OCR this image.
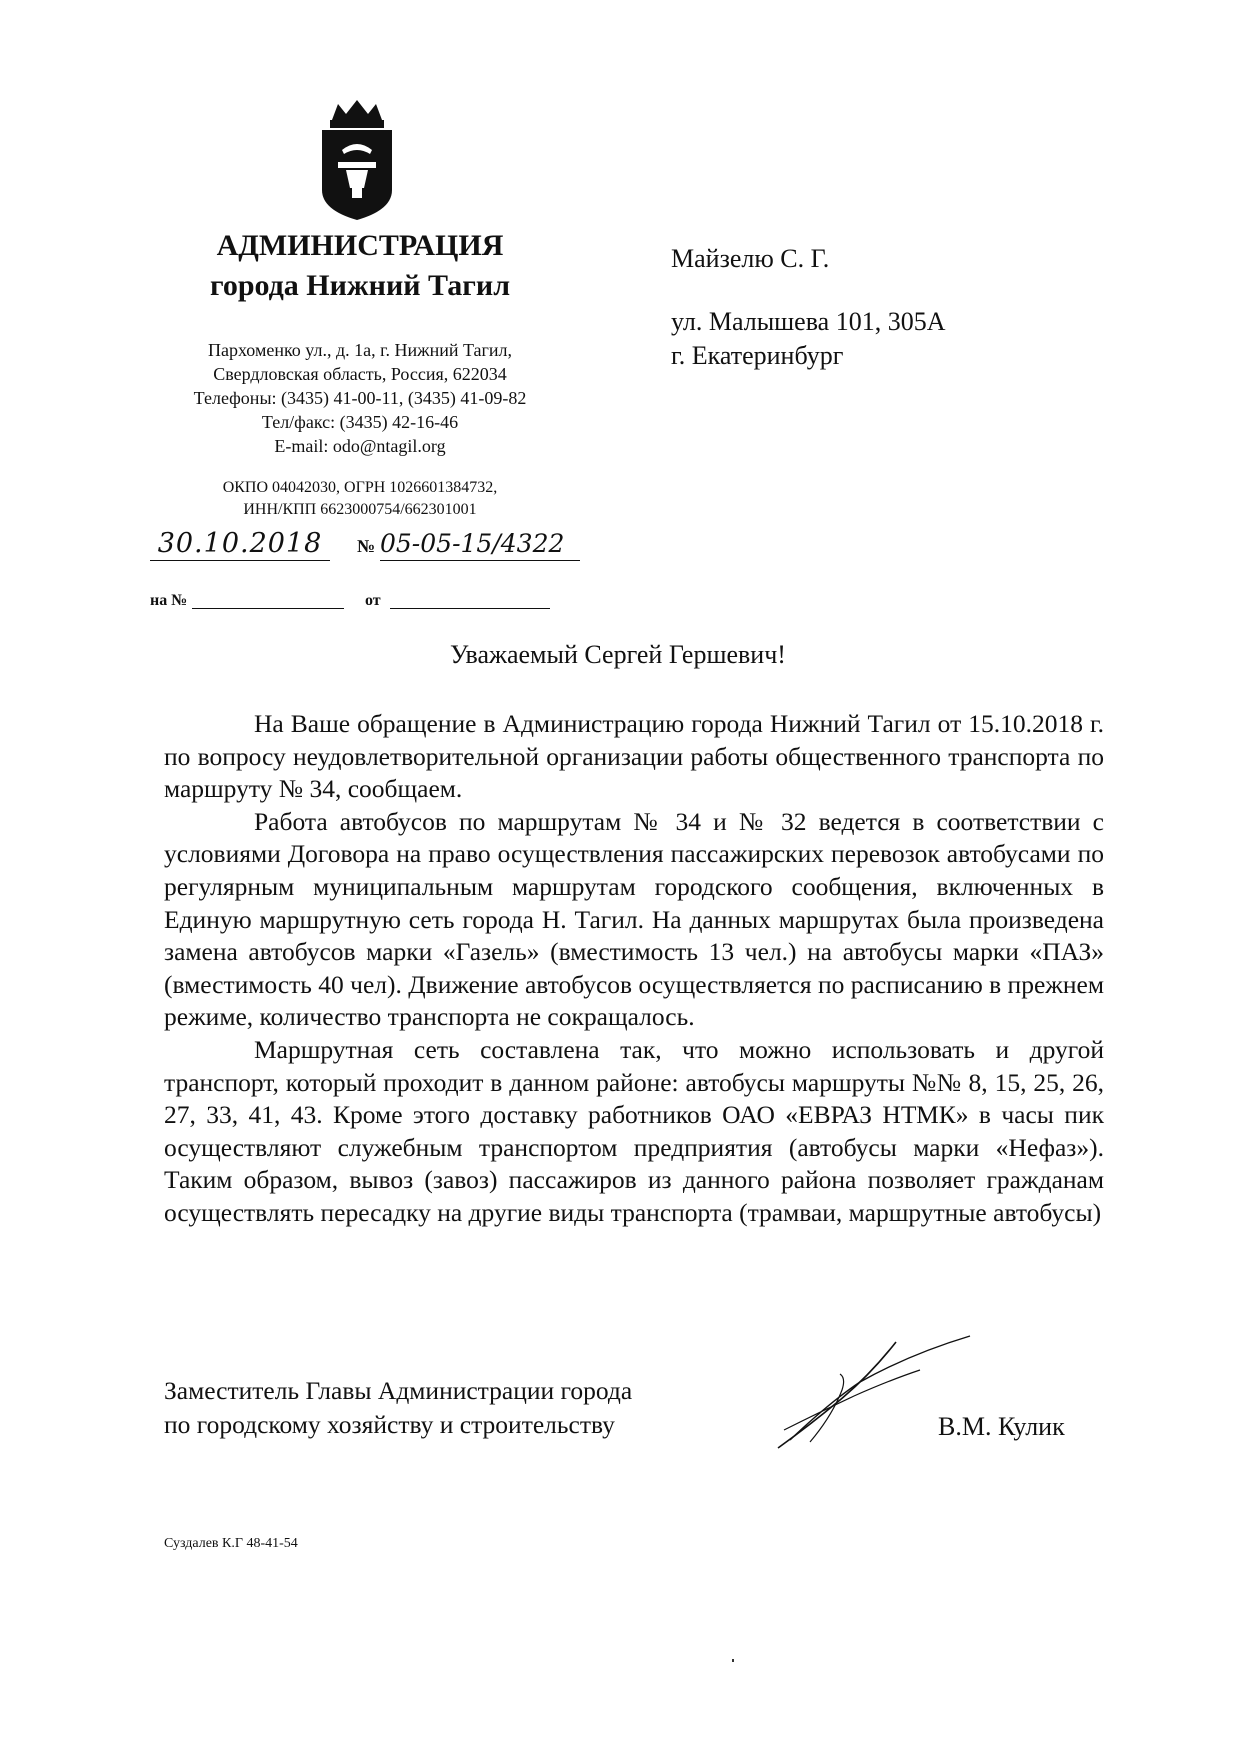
АДМИНИСТРАЦИЯ
города Нижний Тагил
Пархоменко ул., д. 1а, г. Нижний Тагил,
Свердловская область, Россия, 622034
Телефоны: (3435) 41-00-11, (3435) 41-09-82
Тел/факс: (3435) 42-16-46
E-mail: odo@ntagil.org
ОКПО 04042030, ОГРН 1026601384732,
ИНН/КПП 6623000754/662301001
30.10.2018	№ 05-05-15/4322
на №	от
Майзелю С. Г.
ул. Малышева 101, 305А
г. Екатеринбург
Уважаемый Сергей Гершевич!

На Ваше обращение в Администрацию города Нижний Тагил от 15.10.2018 г. по вопросу неудовлетворительной организации работы общественного транспорта по маршруту № 34, сообщаем.

Работа автобусов по маршрутам № 34 и № 32 ведется в соответствии с условиями Договора на право осуществления пассажирских перевозок автобусами по регулярным муниципальным маршрутам городского сообщения, включенных в Единую маршрутную сеть города Н. Тагил. На данных маршрутах была произведена замена автобусов марки «Газель» (вместимость 13 чел.) на автобусы марки «ПАЗ» (вместимость 40 чел). Движение автобусов осуществляется по расписанию в прежнем режиме, количество транспорта не сокращалось.

Маршрутная сеть составлена так, что можно использовать и другой транспорт, который проходит в данном районе: автобусы маршруты №№ 8, 15, 25, 26, 27, 33, 41, 43. Кроме этого доставку работников ОАО «ЕВРАЗ НТМК» в часы пик осуществляют служебным транспортом предприятия (автобусы марки «Нефаз»). Таким образом, вывоз (завоз) пассажиров из данного района позволяет гражданам осуществлять пересадку на другие виды транспорта (трамваи, маршрутные автобусы)

Заместитель Главы Администрации города
по городскому хозяйству и строительству	В.М. Кулик
Суздалев К.Г 48-41-54
